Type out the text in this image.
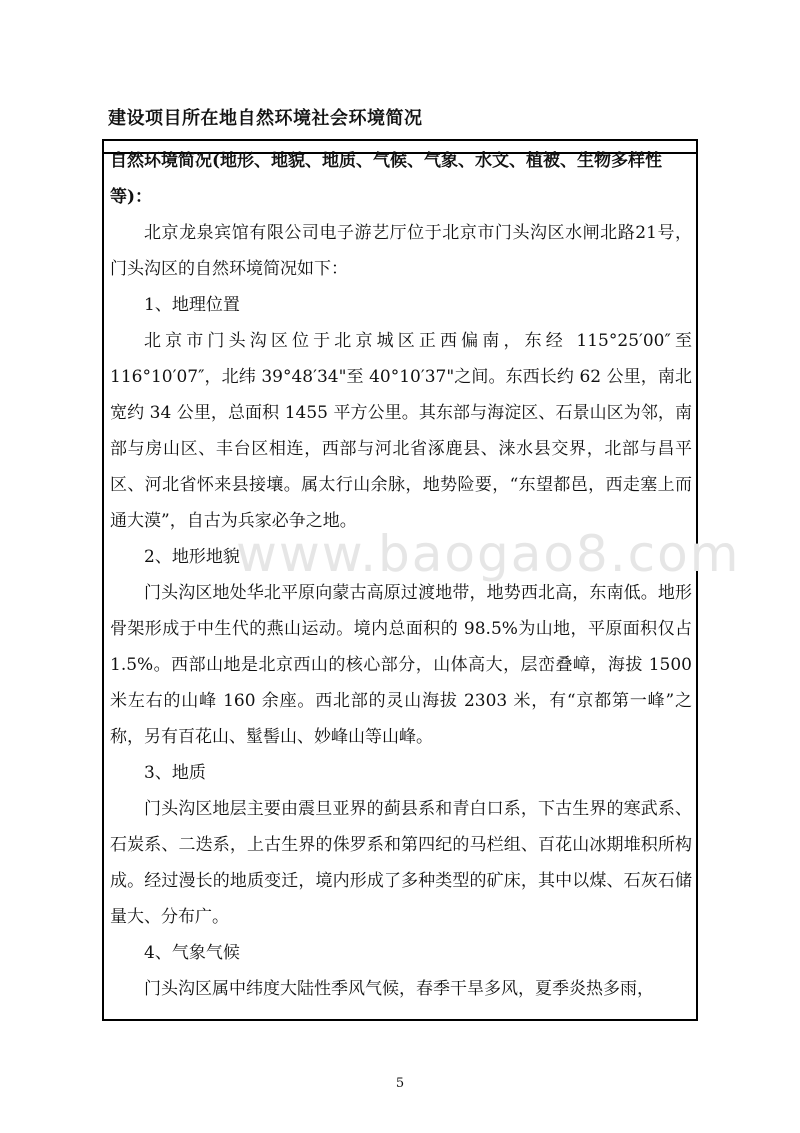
建设项目所在地自然环境社会环境简况
自然环境简况(地形、地貌、地质、气候、气象、水文、植被、生物多样性等)：

北京龙泉宾馆有限公司电子游艺厅位于北京市门头沟区水闸北路21号，门头沟区的自然环境简况如下：

1、地理位置

北京市门头沟区位于北京城区正西偏南，东经 115°25′00″至 116°10′07″，北纬 39°48′34"至 40°10′37"之间。东西长约 62 公里，南北宽约 34 公里，总面积 1455 平方公里。其东部与海淀区、石景山区为邻，南部与房山区、丰台区相连，西部与河北省涿鹿县、涞水县交界，北部与昌平区、河北省怀来县接壤。属太行山余脉，地势险要，“东望都邑，西走塞上而通大漠”，自古为兵家必争之地。

2、地形地貌

门头沟区地处华北平原向蒙古高原过渡地带，地势西北高，东南低。地形骨架形成于中生代的燕山运动。境内总面积的 98.5%为山地，平原面积仅占 1.5%。西部山地是北京西山的核心部分，山体高大，层峦叠嶂，海拔 1500 米左右的山峰 160 余座。西北部的灵山海拔 2303 米，有“京都第一峰”之称，另有百花山、髽髻山、妙峰山等山峰。

3、地质

门头沟区地层主要由震旦亚界的蓟县系和青白口系，下古生界的寒武系、石炭系、二迭系，上古生界的侏罗系和第四纪的马栏组、百花山冰期堆积所构成。经过漫长的地质变迁，境内形成了多种类型的矿床，其中以煤、石灰石储量大、分布广。

4、气象气候

门头沟区属中纬度大陆性季风气候，春季干旱多风，夏季炎热多雨，

www.baogao8.com
5
